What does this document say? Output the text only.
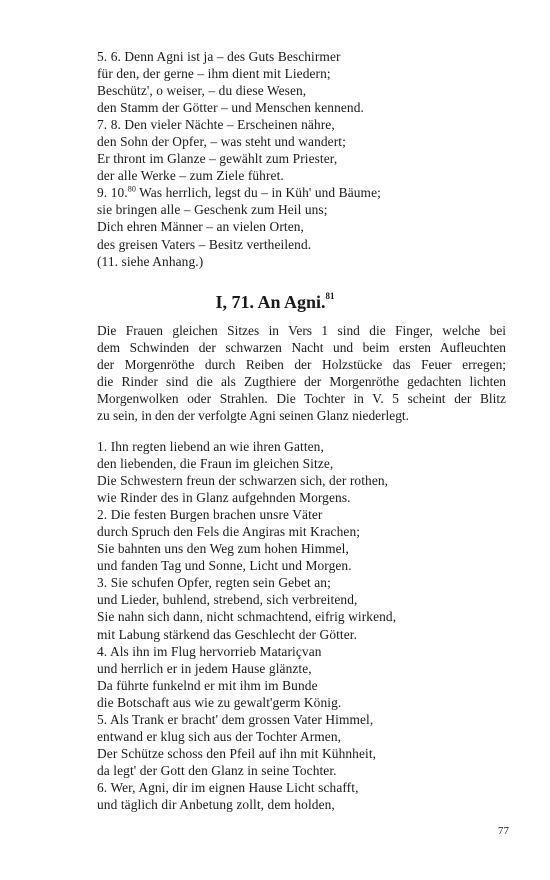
5. 6. Denn Agni ist ja – des Guts Beschirmer
für den, der gerne – ihm dient mit Liedern;
Beschütz', o weiser, – du diese Wesen,
den Stamm der Götter – und Menschen kennend.
7. 8. Den vieler Nächte – Erscheinen nähre,
den Sohn der Opfer, – was steht und wandert;
Er thront im Glanze – gewählt zum Priester,
der alle Werke – zum Ziele führet.
9. 10.80 Was herrlich, legst du – in Küh' und Bäume;
sie bringen alle – Geschenk zum Heil uns;
Dich ehren Männer – an vielen Orten,
des greisen Vaters – Besitz vertheilend.
(11. siehe Anhang.)
I, 71. An Agni.$^{81}$
Die Frauen gleichen Sitzes in Vers 1 sind die Finger, welche bei
dem Schwinden der schwarzen Nacht und beim ersten Aufleuchten
der Morgenröthe durch Reiben der Holzstücke das Feuer erregen;
die Rinder sind die als Zugthiere der Morgenröthe gedachten lichten
Morgenwolken oder Strahlen. Die Tochter in V. 5 scheint der Blitz
zu sein, in den der verfolgte Agni seinen Glanz niederlegt.
1. Ihn regten liebend an wie ihren Gatten,
den liebenden, die Fraun im gleichen Sitze,
Die Schwestern freun der schwarzen sich, der rothen,
wie Rinder des in Glanz aufgehnden Morgens.
2. Die festen Burgen brachen unsre Väter
durch Spruch den Fels die Angiras mit Krachen;
Sie bahnten uns den Weg zum hohen Himmel,
und fanden Tag und Sonne, Licht und Morgen.
3. Sie schufen Opfer, regten sein Gebet an;
und Lieder, buhlend, strebend, sich verbreitend,
Sie nahn sich dann, nicht schmachtend, eifrig wirkend,
mit Labung stärkend das Geschlecht der Götter.
4. Als ihn im Flug hervorrieb Matariçvan
und herrlich er in jedem Hause glänzte,
Da führte funkelnd er mit ihm im Bunde
die Botschaft aus wie zu gewalt'germ König.
5. Als Trank er bracht' dem grossen Vater Himmel,
entwand er klug sich aus der Tochter Armen,
Der Schütze schoss den Pfeil auf ihn mit Kühnheit,
da legt' der Gott den Glanz in seine Tochter.
6. Wer, Agni, dir im eignen Hause Licht schafft,
und täglich dir Anbetung zollt, dem holden,
77
